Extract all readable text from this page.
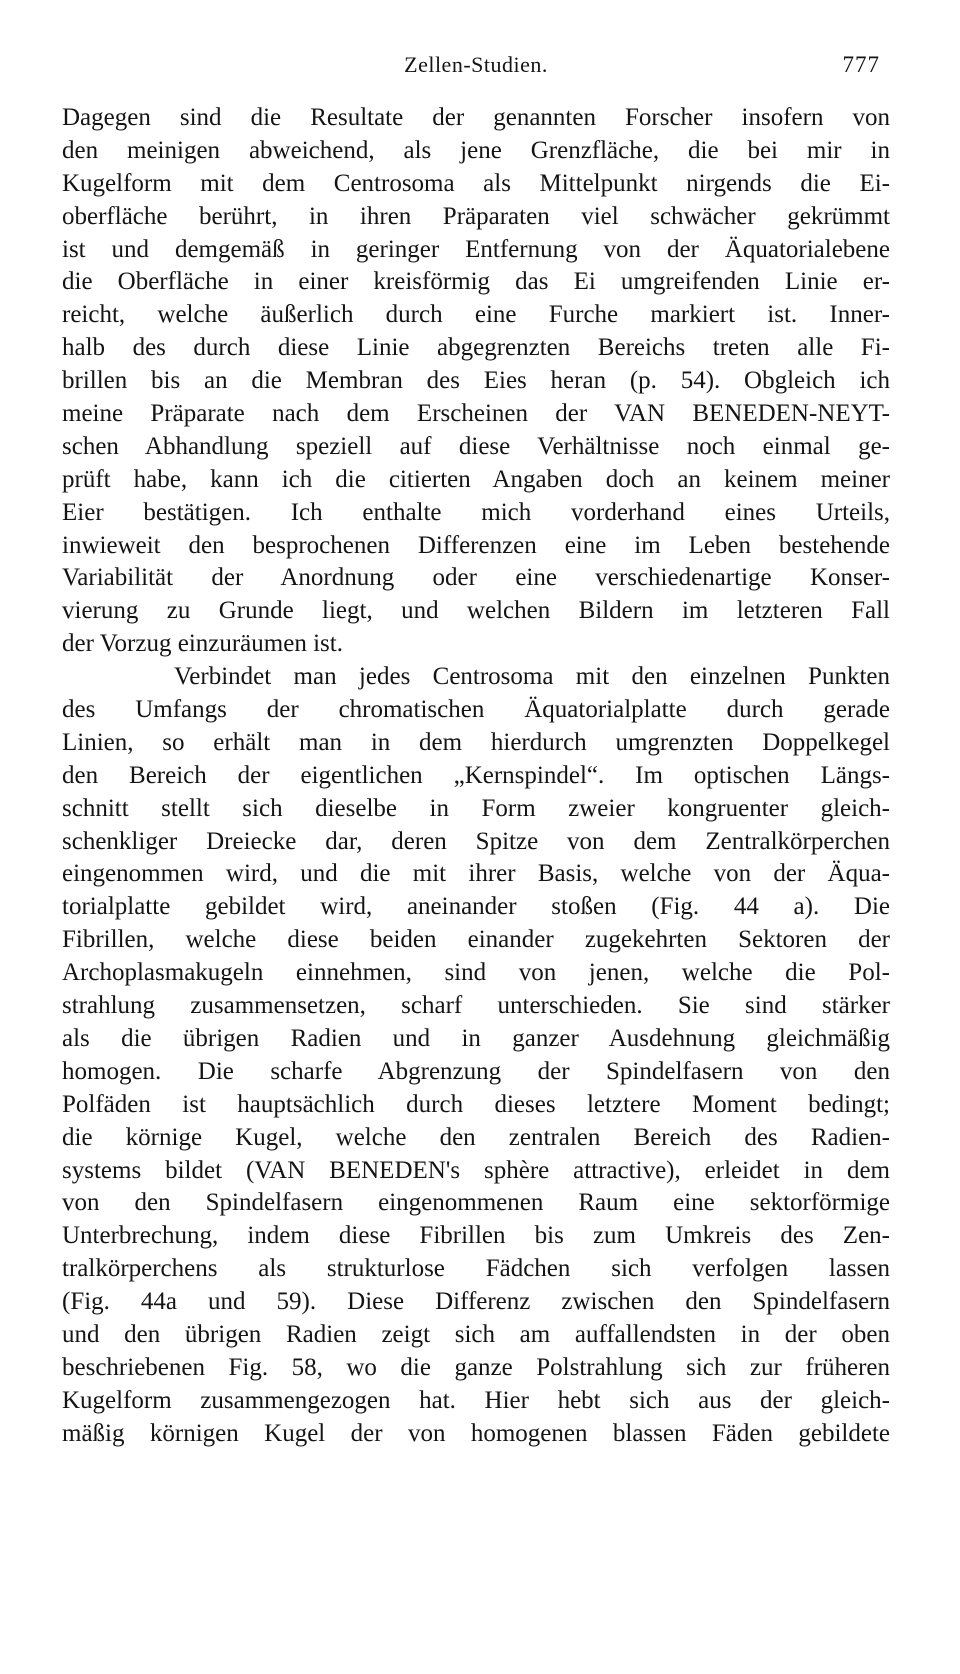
Zellen-Studien.	777
Dagegen sind die Resultate der genannten Forscher insofern von
den meinigen abweichend, als jene Grenzfläche, die bei mir in
Kugelform mit dem Centrosoma als Mittelpunkt nirgends die Ei-
oberfläche berührt, in ihren Präparaten viel schwächer gekrümmt
ist und demgemäß in geringer Entfernung von der Äquatorialebene
die Oberfläche in einer kreisförmig das Ei umgreifenden Linie er-
reicht, welche äußerlich durch eine Furche markiert ist. Inner-
halb des durch diese Linie abgegrenzten Bereichs treten alle Fi-
brillen bis an die Membran des Eies heran (p. 54). Obgleich ich
meine Präparate nach dem Erscheinen der VAN BENEDEN-NEYT-
schen Abhandlung speziell auf diese Verhältnisse noch einmal ge-
prüft habe, kann ich die citierten Angaben doch an keinem meiner
Eier bestätigen. Ich enthalte mich vorderhand eines Urteils,
inwieweit den besprochenen Differenzen eine im Leben bestehende
Variabilität der Anordnung oder eine verschiedenartige Konser-
vierung zu Grunde liegt, und welchen Bildern im letzteren Fall
der Vorzug einzuräumen ist.
Verbindet man jedes Centrosoma mit den einzelnen Punkten
des Umfangs der chromatischen Äquatorialplatte durch gerade
Linien, so erhält man in dem hierdurch umgrenzten Doppelkegel
den Bereich der eigentlichen „Kernspindel“. Im optischen Längs-
schnitt stellt sich dieselbe in Form zweier kongruenter gleich-
schenkliger Dreiecke dar, deren Spitze von dem Zentralkörperchen
eingenommen wird, und die mit ihrer Basis, welche von der Äqua-
torialplatte gebildet wird, aneinander stoßen (Fig. 44 a). Die
Fibrillen, welche diese beiden einander zugekehrten Sektoren der
Archoplasmakugeln einnehmen, sind von jenen, welche die Pol-
strahlung zusammensetzen, scharf unterschieden. Sie sind stärker
als die übrigen Radien und in ganzer Ausdehnung gleichmäßig
homogen. Die scharfe Abgrenzung der Spindelfasern von den
Polfäden ist hauptsächlich durch dieses letztere Moment bedingt;
die körnige Kugel, welche den zentralen Bereich des Radien-
systems bildet (VAN BENEDEN's sphère attractive), erleidet in dem
von den Spindelfasern eingenommenen Raum eine sektorförmige
Unterbrechung, indem diese Fibrillen bis zum Umkreis des Zen-
tralkörperchens als strukturlose Fädchen sich verfolgen lassen
(Fig. 44a und 59). Diese Differenz zwischen den Spindelfasern
und den übrigen Radien zeigt sich am auffallendsten in der oben
beschriebenen Fig. 58, wo die ganze Polstrahlung sich zur früheren
Kugelform zusammengezogen hat. Hier hebt sich aus der gleich-
mäßig körnigen Kugel der von homogenen blassen Fäden gebildete
